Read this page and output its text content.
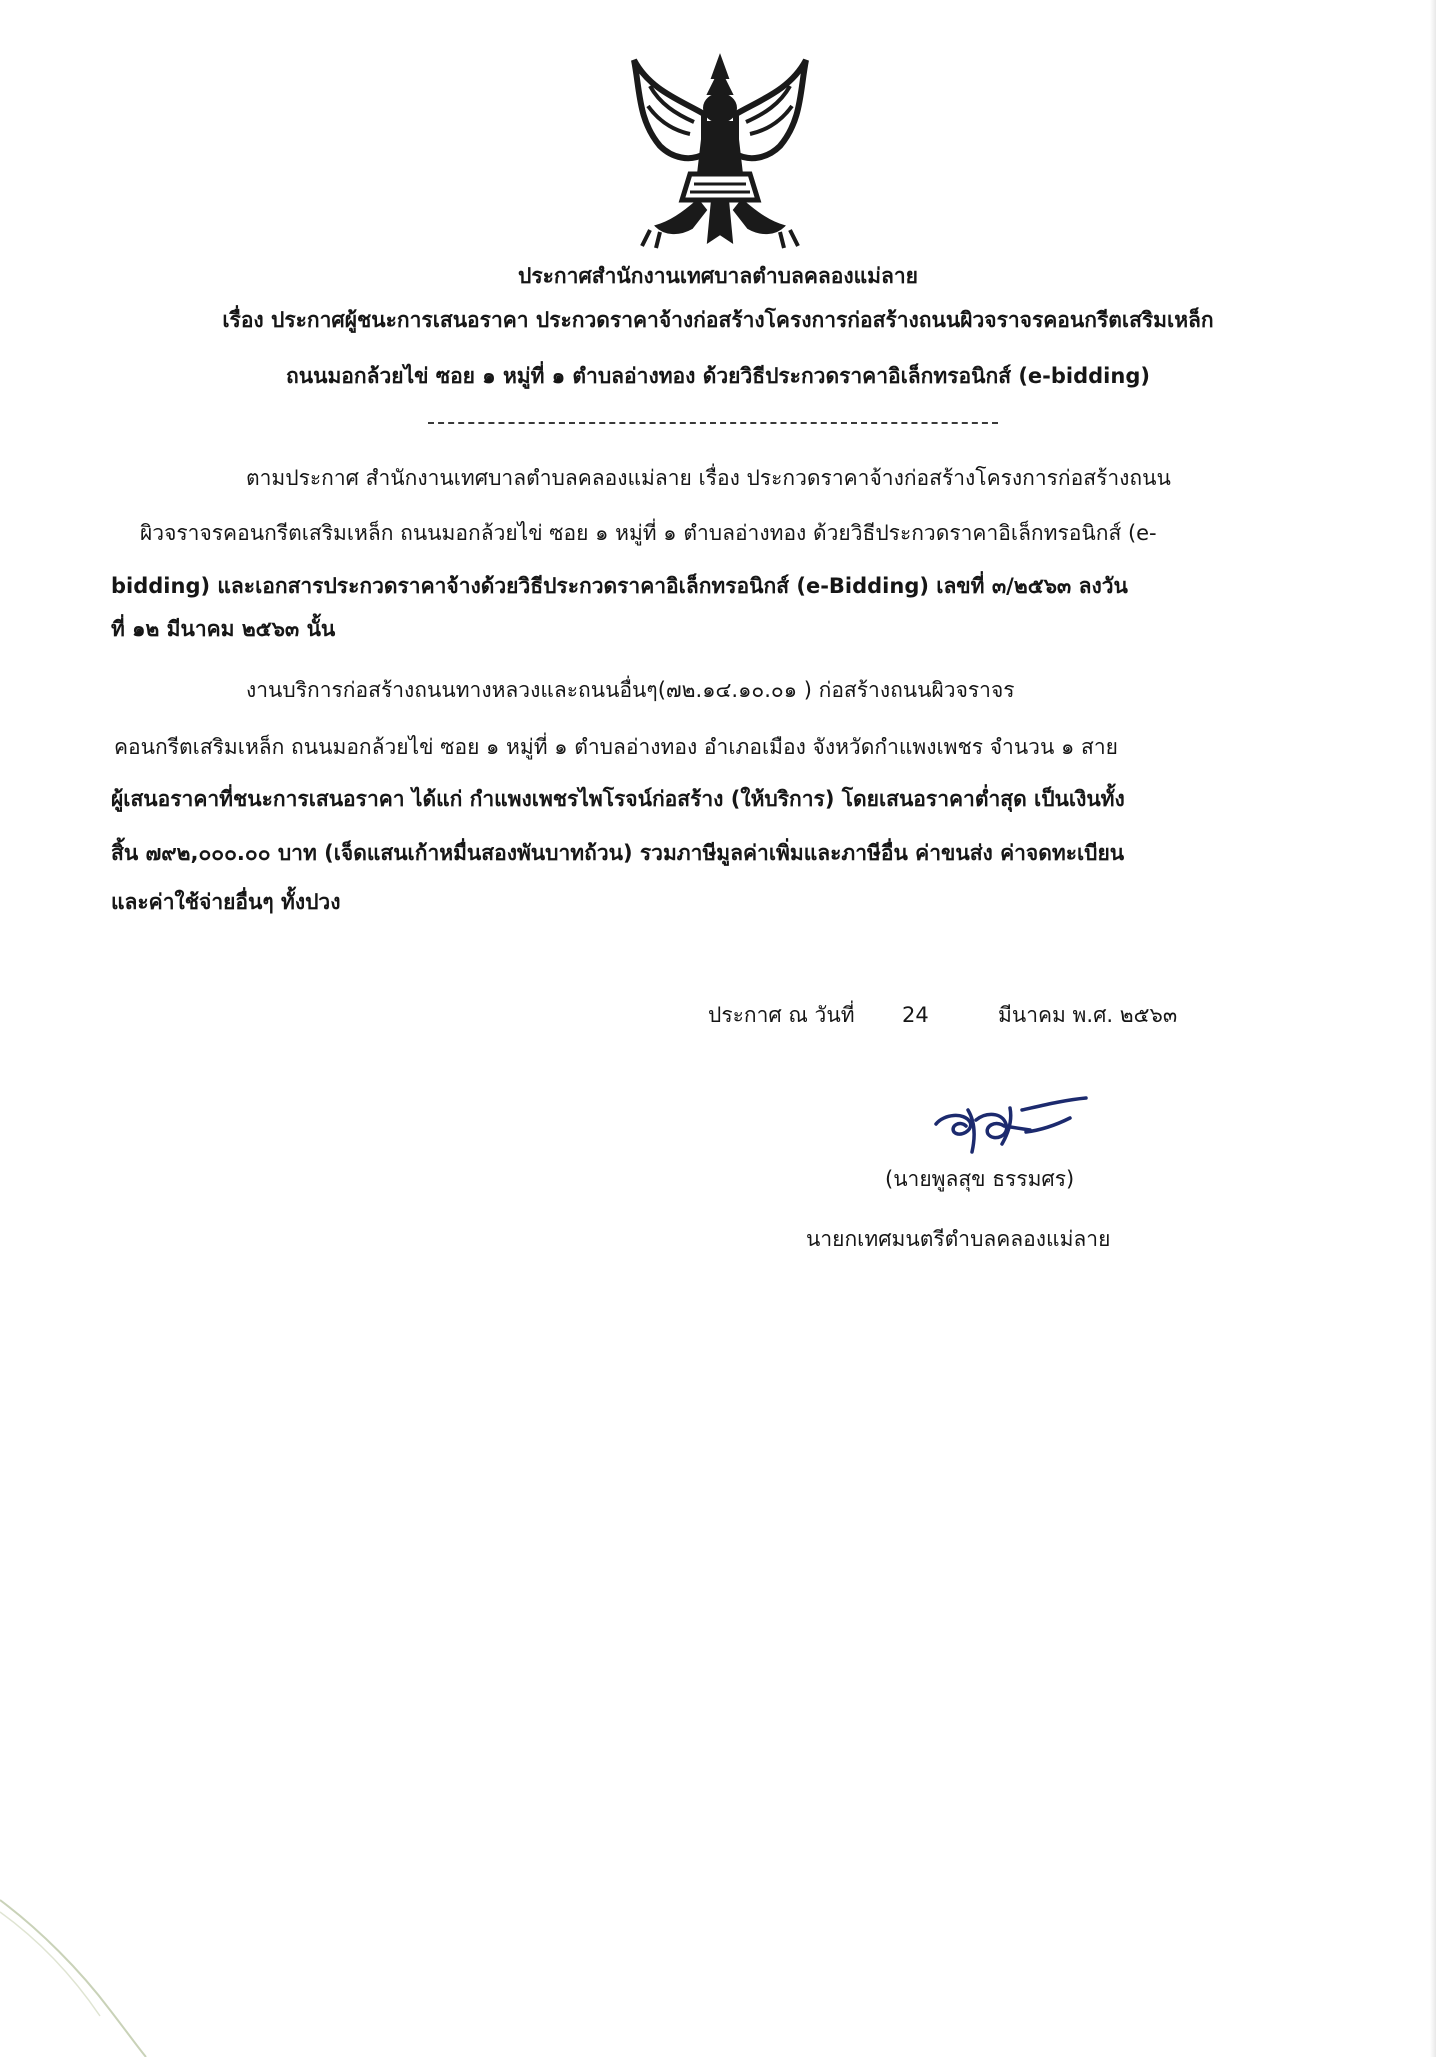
ประกาศสำนักงานเทศบาลตำบลคลองแม่ลาย
เรื่อง ประกาศผู้ชนะการเสนอราคา ประกวดราคาจ้างก่อสร้างโครงการก่อสร้างถนนผิวจราจรคอนกรีตเสริมเหล็ก
ถนนมอกล้วยไข่ ซอย ๑ หมู่ที่ ๑ ตำบลอ่างทอง ด้วยวิธีประกวดราคาอิเล็กทรอนิกส์ (e-bidding)
ตามประกาศ สำนักงานเทศบาลตำบลคลองแม่ลาย เรื่อง ประกวดราคาจ้างก่อสร้างโครงการก่อสร้างถนน
ผิวจราจรคอนกรีตเสริมเหล็ก ถนนมอกล้วยไข่ ซอย ๑ หมู่ที่ ๑ ตำบลอ่างทอง ด้วยวิธีประกวดราคาอิเล็กทรอนิกส์ (e-
bidding) และเอกสารประกวดราคาจ้างด้วยวิธีประกวดราคาอิเล็กทรอนิกส์ (e-Bidding) เลขที่ ๓/๒๕๖๓ ลงวัน
ที่ ๑๒ มีนาคม ๒๕๖๓ นั้น
งานบริการก่อสร้างถนนทางหลวงและถนนอื่นๆ(๗๒.๑๔.๑๐.๐๑ ) ก่อสร้างถนนผิวจราจร
คอนกรีตเสริมเหล็ก ถนนมอกล้วยไข่ ซอย ๑ หมู่ที่ ๑ ตำบลอ่างทอง อำเภอเมือง จังหวัดกำแพงเพชร จำนวน ๑ สาย
ผู้เสนอราคาที่ชนะการเสนอราคา ได้แก่ กำแพงเพชรไพโรจน์ก่อสร้าง (ให้บริการ) โดยเสนอราคาต่ำสุด เป็นเงินทั้ง
สิ้น ๗๙๒,๐๐๐.๐๐ บาท (เจ็ดแสนเก้าหมื่นสองพันบาทถ้วน) รวมภาษีมูลค่าเพิ่มและภาษีอื่น ค่าขนส่ง ค่าจดทะเบียน
และค่าใช้จ่ายอื่นๆ ทั้งปวง
ประกาศ ณ วันที่ 24	มีนาคม พ.ศ. ๒๕๖๓
(นายพูลสุข ธรรมศร)
นายกเทศมนตรีตำบลคลองแม่ลาย
